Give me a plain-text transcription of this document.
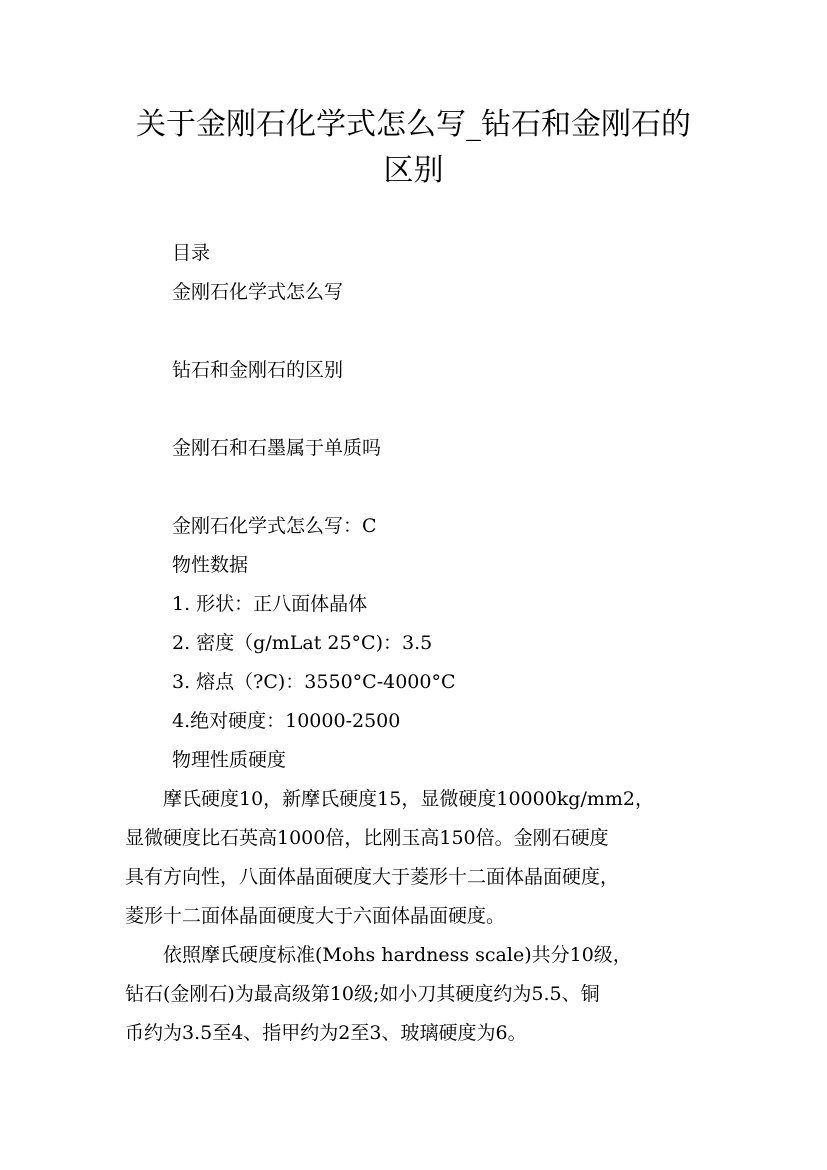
关于金刚石化学式怎么写_钻石和金刚石的
区别
目录
金刚石化学式怎么写
钻石和金刚石的区别
金刚石和石墨属于单质吗
金刚石化学式怎么写：C
物性数据
1. 形状：正八面体晶体
2. 密度（g/mLat 25°C)：3.5
3. 熔点（?C)：3550°C-4000°C
4.绝对硬度：10000-2500
物理性质硬度
　　摩氏硬度10，新摩氏硬度15，显微硬度10000kg/mm2，
显微硬度比石英高1000倍，比刚玉高150倍。金刚石硬度
具有方向性，八面体晶面硬度大于菱形十二面体晶面硬度，
菱形十二面体晶面硬度大于六面体晶面硬度。
　　依照摩氏硬度标准(Mohs hardness scale)共分10级，
钻石(金刚石)为最高级第10级;如小刀其硬度约为5.5、铜
币约为3.5至4、指甲约为2至3、玻璃硬度为6。
